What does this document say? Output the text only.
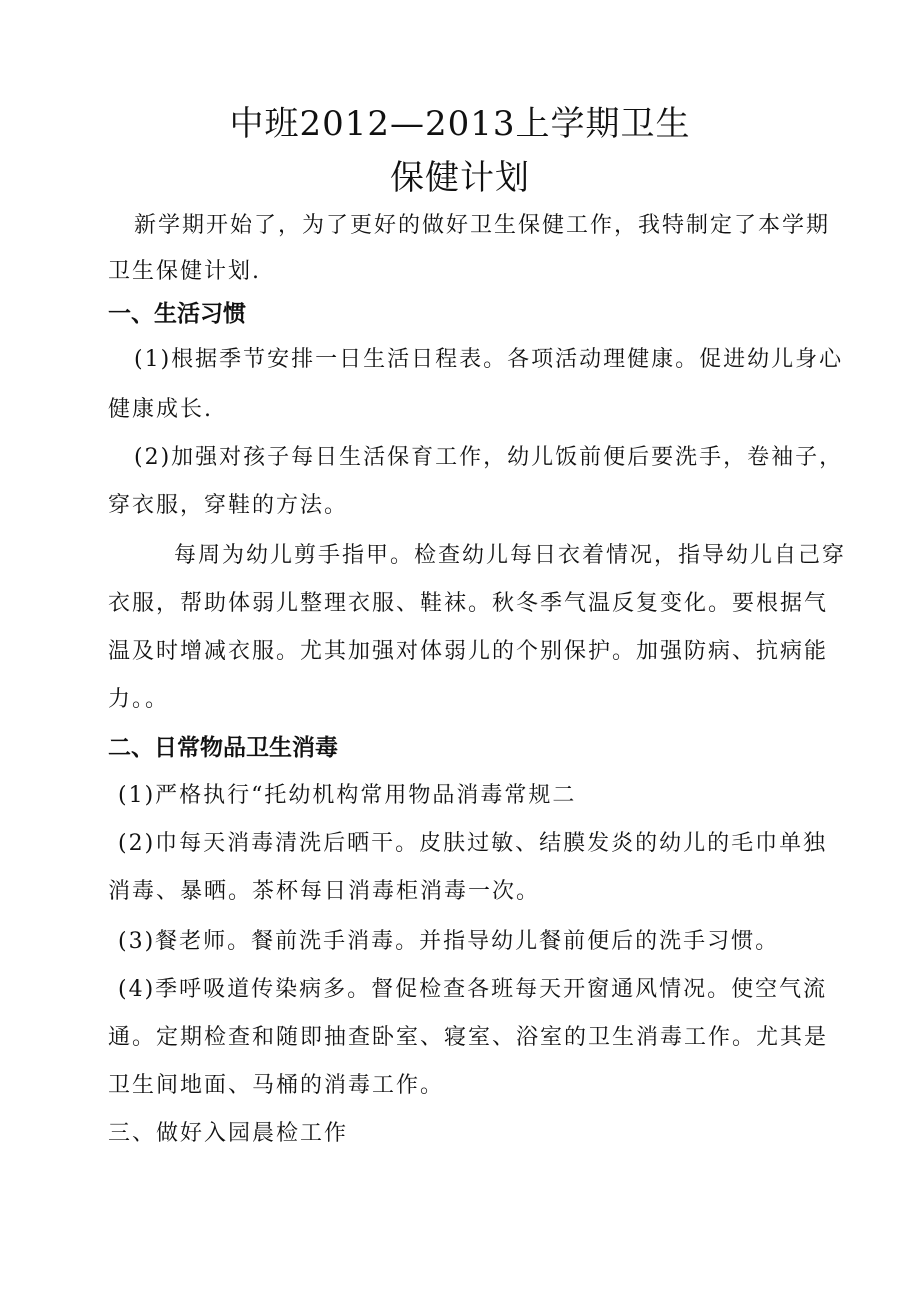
中班2012—2013上学期卫生
保健计划
新学期开始了，为了更好的做好卫生保健工作，我特制定了本学期
卫生保健计划.
一、生活习惯
(1)根据季节安排一日生活日程表。各项活动理健康。促进幼儿身心
健康成长.
(2)加强对孩子每日生活保育工作，幼儿饭前便后要洗手，卷袖子，
穿衣服，穿鞋的方法。
每周为幼儿剪手指甲。检查幼儿每日衣着情况，指导幼儿自己穿
衣服，帮助体弱儿整理衣服、鞋袜。秋冬季气温反复变化。要根据气
温及时增减衣服。尤其加强对体弱儿的个别保护。加强防病、抗病能
力。。
二、日常物品卫生消毒
(1)严格执行“托幼机构常用物品消毒常规二
(2)巾每天消毒清洗后晒干。皮肤过敏、结膜发炎的幼儿的毛巾单独
消毒、暴晒。茶杯每日消毒柜消毒一次。
(3)餐老师。餐前洗手消毒。并指导幼儿餐前便后的洗手习惯。
(4)季呼吸道传染病多。督促检查各班每天开窗通风情况。使空气流
通。定期检查和随即抽查卧室、寝室、浴室的卫生消毒工作。尤其是
卫生间地面、马桶的消毒工作。
三、做好入园晨检工作
